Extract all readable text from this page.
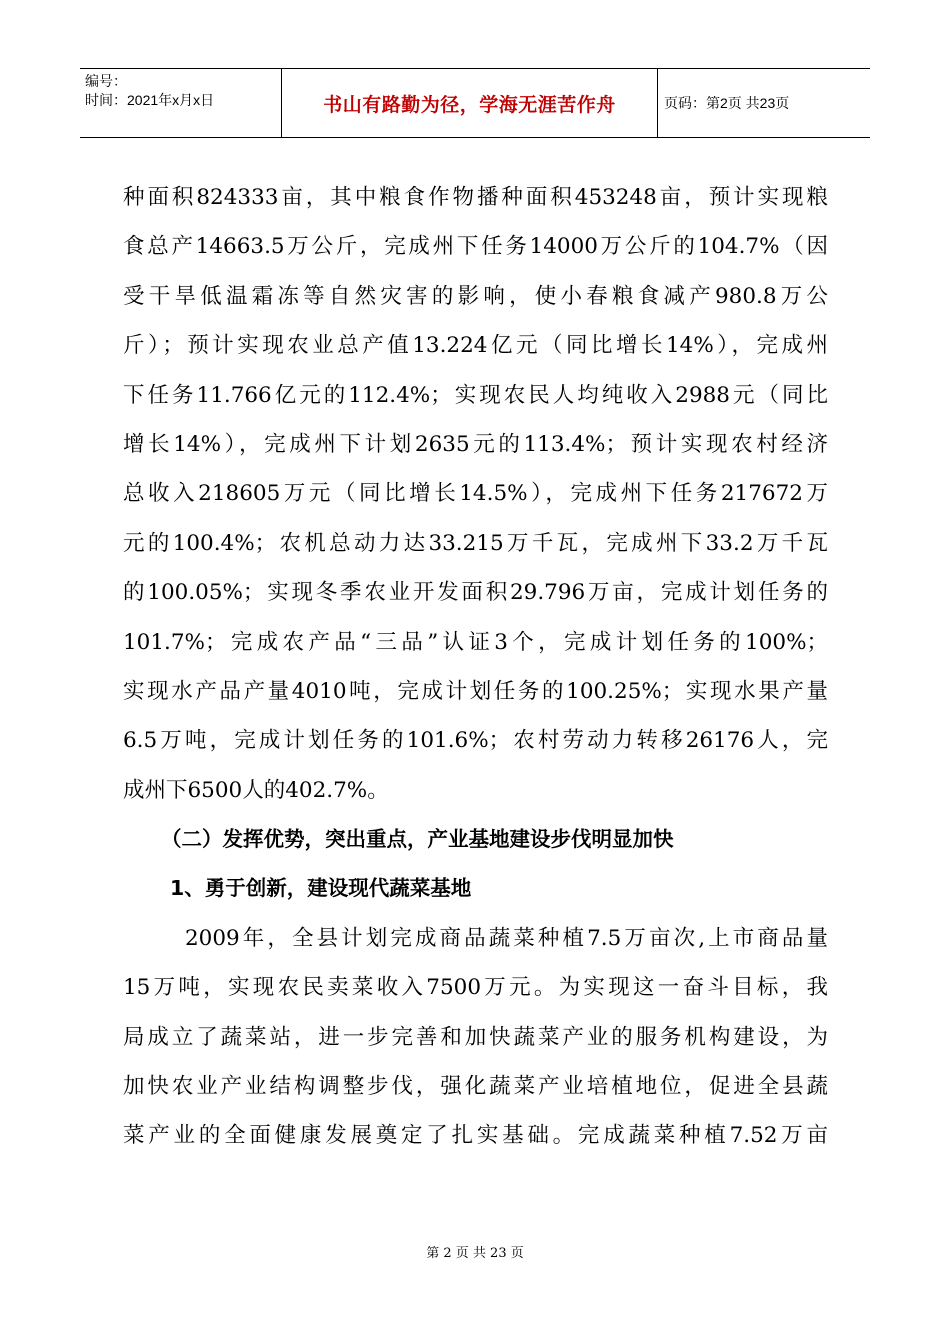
编号：
时间：2021年x月x日	书山有路勤为径，学海无涯苦作舟	页码：第2页 共23页
种面积824333亩，其中粮食作物播种面积453248亩，预计实现粮
食总产14663.5万公斤，完成州下任务14000万公斤的104.7%（因
受干旱低温霜冻等自然灾害的影响，使小春粮食减产980.8万公
斤）；预计实现农业总产值13.224亿元（同比增长14%），完成州
下任务11.766亿元的112.4%；实现农民人均纯收入2988元（同比
增长14%），完成州下计划2635元的113.4%；预计实现农村经济
总收入218605万元（同比增长14.5%），完成州下任务217672万
元的100.4%；农机总动力达33.215万千瓦，完成州下33.2万千瓦
的100.05%；实现冬季农业开发面积29.796万亩，完成计划任务的
101.7%；完成农产品“三品”认证3个，完成计划任务的100%；
实现水产品产量4010吨，完成计划任务的100.25%；实现水果产量
6.5万吨，完成计划任务的101.6%；农村劳动力转移26176人，完
成州下6500人的402.7%。
（二）发挥优势，突出重点，产业基地建设步伐明显加快
1、勇于创新，建设现代蔬菜基地
2009年，全县计划完成商品蔬菜种植7.5万亩次,上市商品量
15万吨，实现农民卖菜收入7500万元。为实现这一奋斗目标，我
局成立了蔬菜站，进一步完善和加快蔬菜产业的服务机构建设，为
加快农业产业结构调整步伐，强化蔬菜产业培植地位，促进全县蔬
菜产业的全面健康发展奠定了扎实基础。完成蔬菜种植7.52万亩
第 2 页 共 23 页
